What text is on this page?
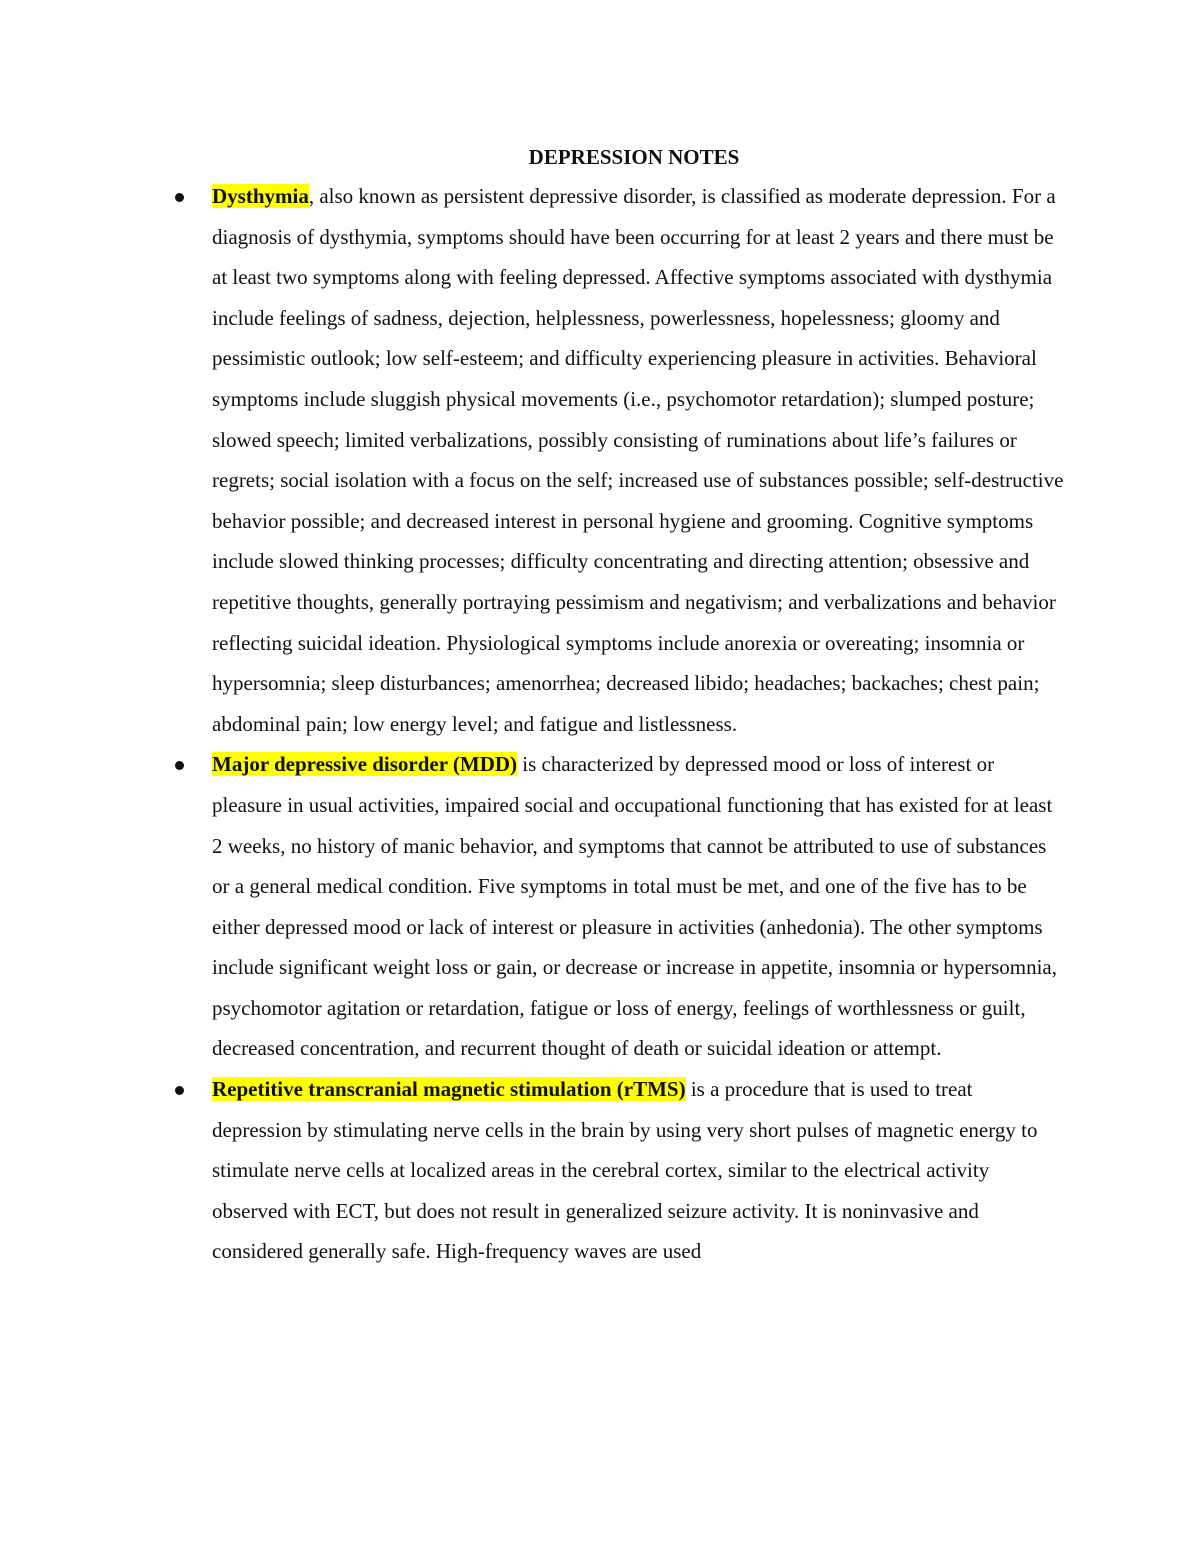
DEPRESSION NOTES
Dysthymia, also known as persistent depressive disorder, is classified as moderate depression. For a diagnosis of dysthymia, symptoms should have been occurring for at least 2 years and there must be at least two symptoms along with feeling depressed. Affective symptoms associated with dysthymia include feelings of sadness, dejection, helplessness, powerlessness, hopelessness; gloomy and pessimistic outlook; low self-esteem; and difficulty experiencing pleasure in activities. Behavioral symptoms include sluggish physical movements (i.e., psychomotor retardation); slumped posture; slowed speech; limited verbalizations, possibly consisting of ruminations about life’s failures or regrets; social isolation with a focus on the self; increased use of substances possible; self-destructive behavior possible; and decreased interest in personal hygiene and grooming. Cognitive symptoms include slowed thinking processes; difficulty concentrating and directing attention; obsessive and repetitive thoughts, generally portraying pessimism and negativism; and verbalizations and behavior reflecting suicidal ideation. Physiological symptoms include anorexia or overeating; insomnia or hypersomnia; sleep disturbances; amenorrhea; decreased libido; headaches; backaches; chest pain; abdominal pain; low energy level; and fatigue and listlessness.
Major depressive disorder (MDD) is characterized by depressed mood or loss of interest or pleasure in usual activities, impaired social and occupational functioning that has existed for at least 2 weeks, no history of manic behavior, and symptoms that cannot be attributed to use of substances or a general medical condition. Five symptoms in total must be met, and one of the five has to be either depressed mood or lack of interest or pleasure in activities (anhedonia). The other symptoms include significant weight loss or gain, or decrease or increase in appetite, insomnia or hypersomnia, psychomotor agitation or retardation, fatigue or loss of energy, feelings of worthlessness or guilt, decreased concentration, and recurrent thought of death or suicidal ideation or attempt.
Repetitive transcranial magnetic stimulation (rTMS) is a procedure that is used to treat depression by stimulating nerve cells in the brain by using very short pulses of magnetic energy to stimulate nerve cells at localized areas in the cerebral cortex, similar to the electrical activity observed with ECT, but does not result in generalized seizure activity. It is noninvasive and considered generally safe. High-frequency waves are used
